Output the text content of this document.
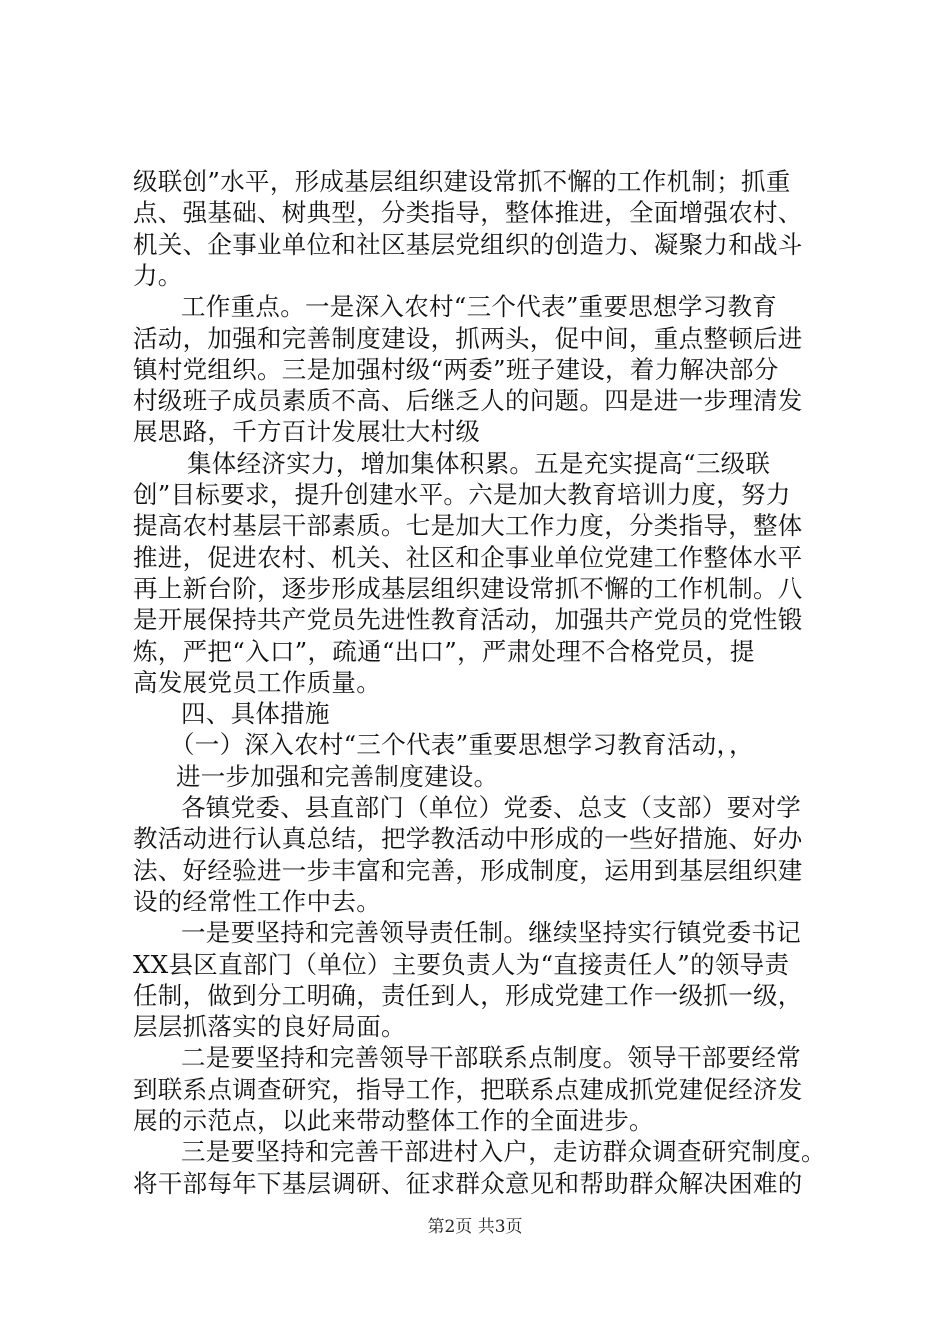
级联创”水平，形成基层组织建设常抓不懈的工作机制；抓重
点、强基础、树典型，分类指导，整体推进，全面增强农村、
机关、企事业单位和社区基层党组织的创造力、凝聚力和战斗
力。
工作重点。一是深入农村“三个代表”重要思想学习教育
活动，加强和完善制度建设，抓两头，促中间，重点整顿后进
镇村党组织。三是加强村级“两委”班子建设，着力解决部分
村级班子成员素质不高、后继乏人的问题。四是进一步理清发
展思路，千方百计发展壮大村级
集体经济实力，增加集体积累。五是充实提高“三级联
创”目标要求，提升创建水平。六是加大教育培训力度，努力
提高农村基层干部素质。七是加大工作力度，分类指导，整体
推进，促进农村、机关、社区和企事业单位党建工作整体水平
再上新台阶，逐步形成基层组织建设常抓不懈的工作机制。八
是开展保持共产党员先进性教育活动，加强共产党员的党性锻
炼，严把“入口”，疏通“出口”，严肃处理不合格党员，提
高发展党员工作质量。
四、具体措施
（一）深入农村“三个代表”重要思想学习教育活动，，
进一步加强和完善制度建设。
各镇党委、县直部门（单位）党委、总支（支部）要对学
教活动进行认真总结，把学教活动中形成的一些好措施、好办
法、好经验进一步丰富和完善，形成制度，运用到基层组织建
设的经常性工作中去。
一是要坚持和完善领导责任制。继续坚持实行镇党委书记
XX县区直部门（单位）主要负责人为“直接责任人”的领导责
任制，做到分工明确，责任到人，形成党建工作一级抓一级，
层层抓落实的良好局面。
二是要坚持和完善领导干部联系点制度。领导干部要经常
到联系点调查研究，指导工作，把联系点建成抓党建促经济发
展的示范点，以此来带动整体工作的全面进步。
三是要坚持和完善干部进村入户，走访群众调查研究制度。
将干部每年下基层调研、征求群众意见和帮助群众解决困难的
第2页 共3页
